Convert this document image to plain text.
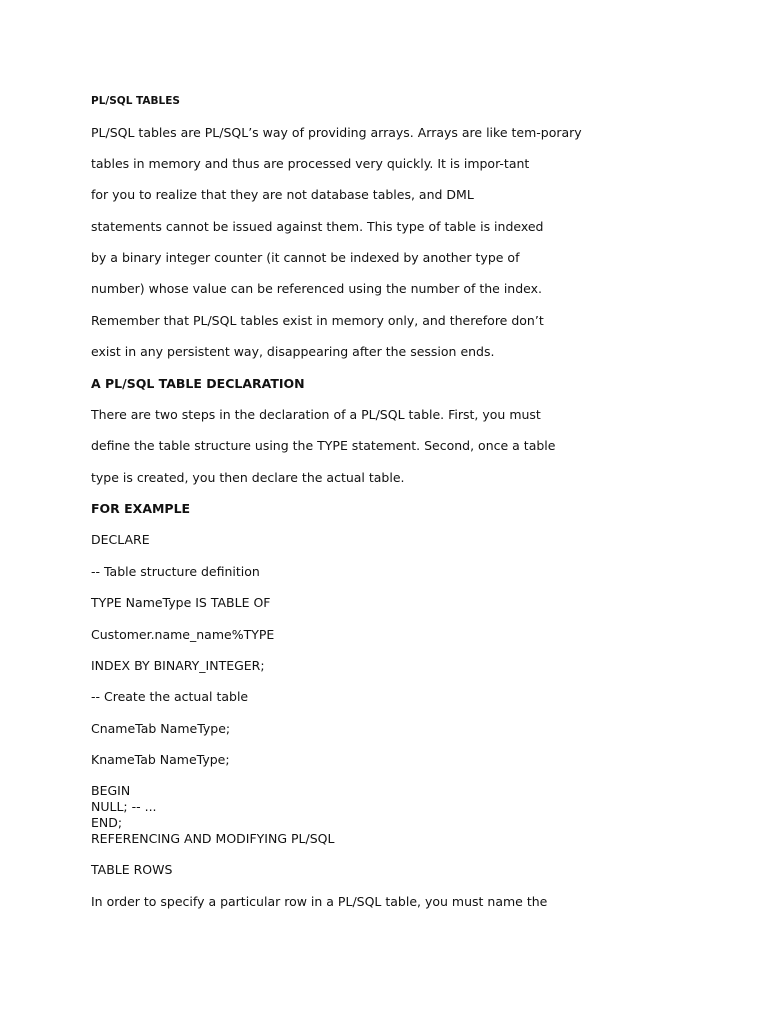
PL/SQL TABLES

PL/SQL tables are PL/SQL’s way of providing arrays. Arrays are like tem-porary

tables in memory and thus are processed very quickly. It is impor-tant

for you to realize that they are not database tables, and DML

statements cannot be issued against them. This type of table is indexed

by a binary integer counter (it cannot be indexed by another type of

number) whose value can be referenced using the number of the index.

Remember that PL/SQL tables exist in memory only, and therefore don’t

exist in any persistent way, disappearing after the session ends.

A PL/SQL TABLE DECLARATION

There are two steps in the declaration of a PL/SQL table. First, you must

define the table structure using the TYPE statement. Second, once a table

type is created, you then declare the actual table.

FOR EXAMPLE

DECLARE

-- Table structure definition

TYPE NameType IS TABLE OF

Customer.name_name%TYPE

INDEX BY BINARY_INTEGER;

-- Create the actual table

CnameTab NameType;

KnameTab NameType;

BEGIN

NULL; -- ...

END;

REFERENCING AND MODIFYING PL/SQL

TABLE ROWS

In order to specify a particular row in a PL/SQL table, you must name the
